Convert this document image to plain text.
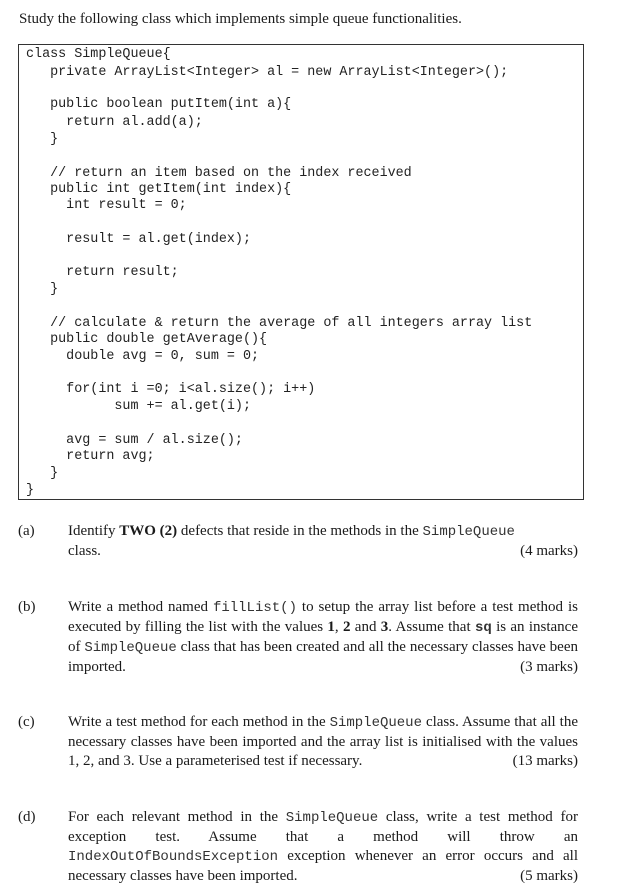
Study the following class which implements simple queue functionalities.
class SimpleQueue{
private ArrayList<Integer> al = new ArrayList<Integer>();
public boolean putItem(int a){
return al.add(a);
}
// return an item based on the index received
public int getItem(int index){
int result = 0;
result = al.get(index);
return result;
}
// calculate & return the average of all integers array list
public double getAverage(){
double avg = 0, sum = 0;
for(int i =0; i<al.size(); i++)
sum += al.get(i);
avg = sum / al.size();
return avg;
}
}
(a) Identify TWO (2) defects that reside in the methods in the SimpleQueue
class.	(4 marks)
(b) Write a method named fillList() to setup the array list before a test method is executed by filling the list with the values 1, 2 and 3. Assume that sq is an instance of SimpleQueue class that has been created and all the necessary classes have been imported.	(3 marks)
(c) Write a test method for each method in the SimpleQueue class. Assume that all the necessary classes have been imported and the array list is initialised with the values 1, 2, and 3. Use a parameterised test if necessary.	(13 marks)
(d) For each relevant method in the SimpleQueue class, write a test method for exception test. Assume that a method will throw an IndexOutOfBoundsException exception whenever an error occurs and all necessary classes have been imported.	(5 marks)
